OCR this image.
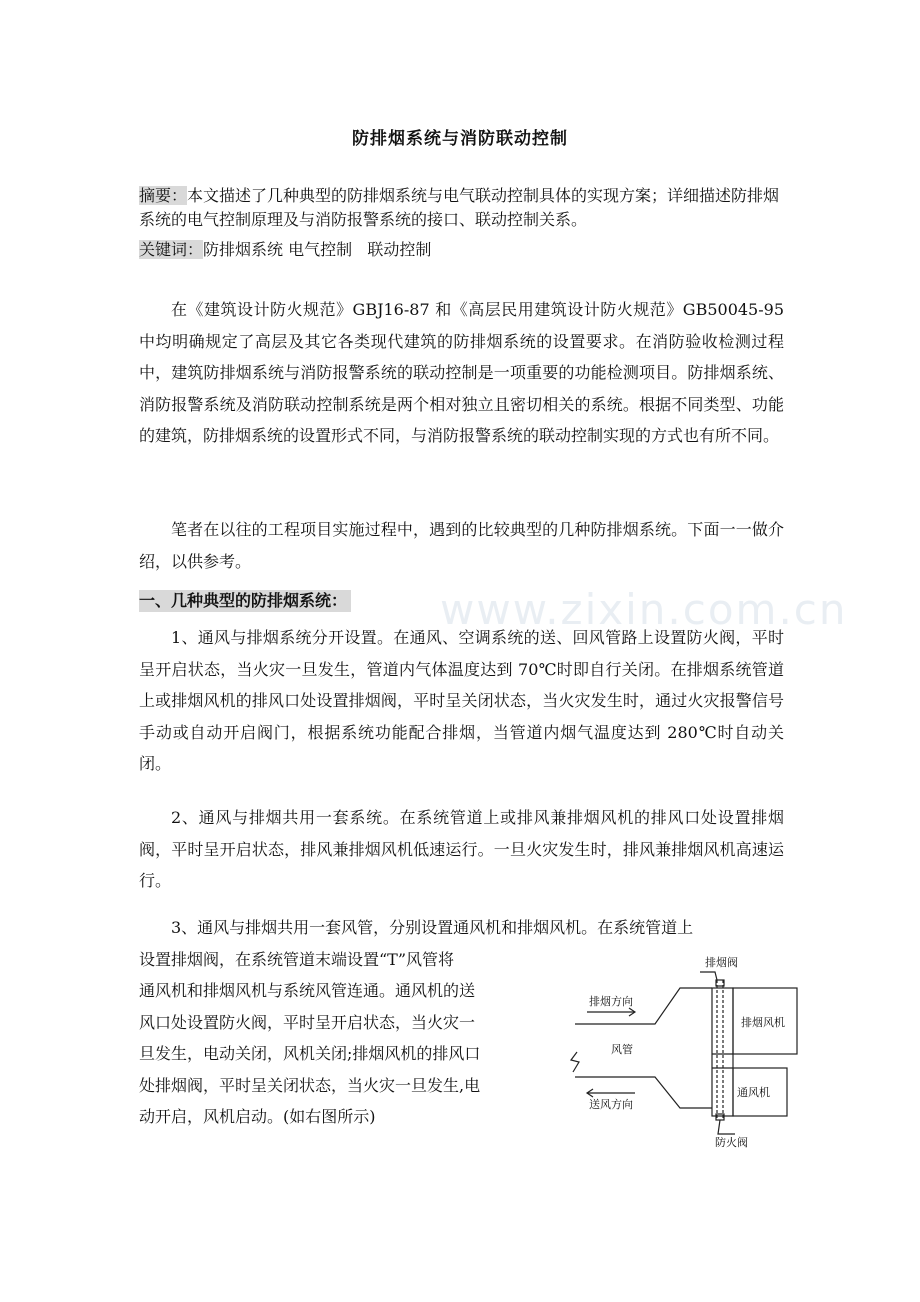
www.zixin.com.cn
防排烟系统与消防联动控制
摘要：本文描述了几种典型的防排烟系统与电气联动控制具体的实现方案；详细描述防排烟系统的电气控制原理及与消防报警系统的接口、联动控制关系。
关键词：防排烟系统 电气控制   联动控制

在《建筑设计防火规范》GBJ16-87 和《高层民用建筑设计防火规范》GB50045-95 中均明确规定了高层及其它各类现代建筑的防排烟系统的设置要求。在消防验收检测过程中，建筑防排烟系统与消防报警系统的联动控制是一项重要的功能检测项目。防排烟系统、消防报警系统及消防联动控制系统是两个相对独立且密切相关的系统。根据不同类型、功能的建筑，防排烟系统的设置形式不同，与消防报警系统的联动控制实现的方式也有所不同。

笔者在以往的工程项目实施过程中，遇到的比较典型的几种防排烟系统。下面一一做介绍，以供参考。

一、几种典型的防排烟系统：

1、通风与排烟系统分开设置。在通风、空调系统的送、回风管路上设置防火阀，平时呈开启状态，当火灾一旦发生，管道内气体温度达到 70℃时即自行关闭。在排烟系统管道上或排烟风机的排风口处设置排烟阀，平时呈关闭状态，当火灾发生时，通过火灾报警信号手动或自动开启阀门，根据系统功能配合排烟，当管道内烟气温度达到 280℃时自动关闭。

2、通风与排烟共用一套系统。在系统管道上或排风兼排烟风机的排风口处设置排烟阀，平时呈开启状态，排风兼排烟风机低速运行。一旦火灾发生时，排风兼排烟风机高速运行。

3、通风与排烟共用一套风管，分别设置通风机和排烟风机。在系统管道上
设置排烟阀，在系统管道末端设置“T”风管将
通风机和排烟风机与系统风管连通。通风机的送
风口处设置防火阀，平时呈开启状态，当火灾一
旦发生，电动关闭，风机关闭;排烟风机的排风口
处排烟阀，平时呈关闭状态，当火灾一旦发生,电
动开启，风机启动。(如右图所示)
排烟阀
排烟方向
排烟风机
风管
通风机
送风方向
防火阀
